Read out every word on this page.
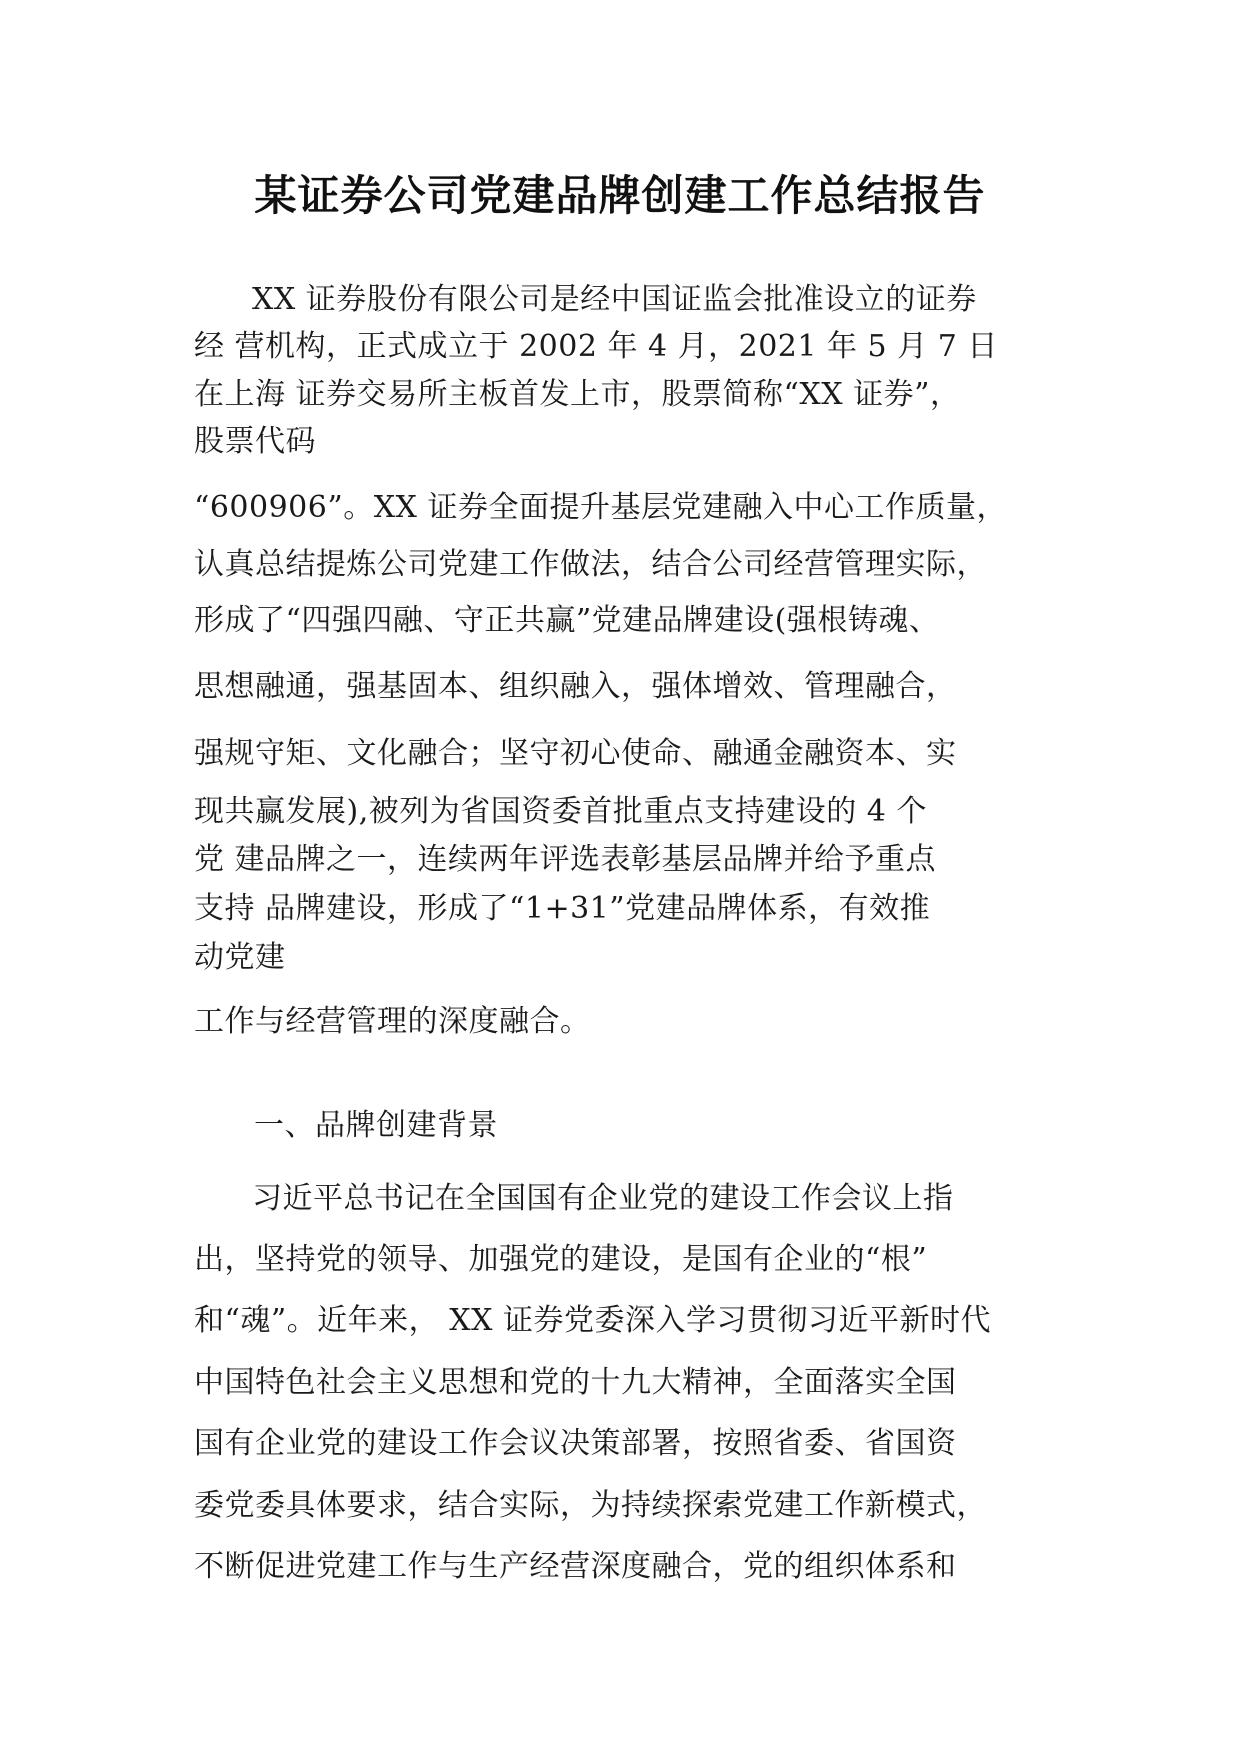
某证券公司党建品牌创建工作总结报告
XX 证券股份有限公司是经中国证监会批准设立的证券
经 营机构，正式成立于 2002 年 4 月，2021 年 5 月 7 日
在上海 证券交易所主板首发上市，股票简称“XX 证券”，
股票代码
“600906”。XX 证券全面提升基层党建融入中心工作质量，
认真总结提炼公司党建工作做法，结合公司经营管理实际，
形成了“四强四融、守正共赢”党建品牌建设(强根铸魂、
思想融通，强基固本、组织融入，强体增效、管理融合，
强规守矩、文化融合；坚守初心使命、融通金融资本、实
现共赢发展),被列为省国资委首批重点支持建设的 4 个
党 建品牌之一，连续两年评选表彰基层品牌并给予重点
支持 品牌建设，形成了“1+31”党建品牌体系，有效推
动党建
工作与经营管理的深度融合。
一、品牌创建背景
习近平总书记在全国国有企业党的建设工作会议上指
出，坚持党的领导、加强党的建设，是国有企业的“根”
和“魂”。近年来， XX 证券党委深入学习贯彻习近平新时代
中国特色社会主义思想和党的十九大精神，全面落实全国
国有企业党的建设工作会议决策部署，按照省委、省国资
委党委具体要求，结合实际，为持续探索党建工作新模式，
不断促进党建工作与生产经营深度融合，党的组织体系和
